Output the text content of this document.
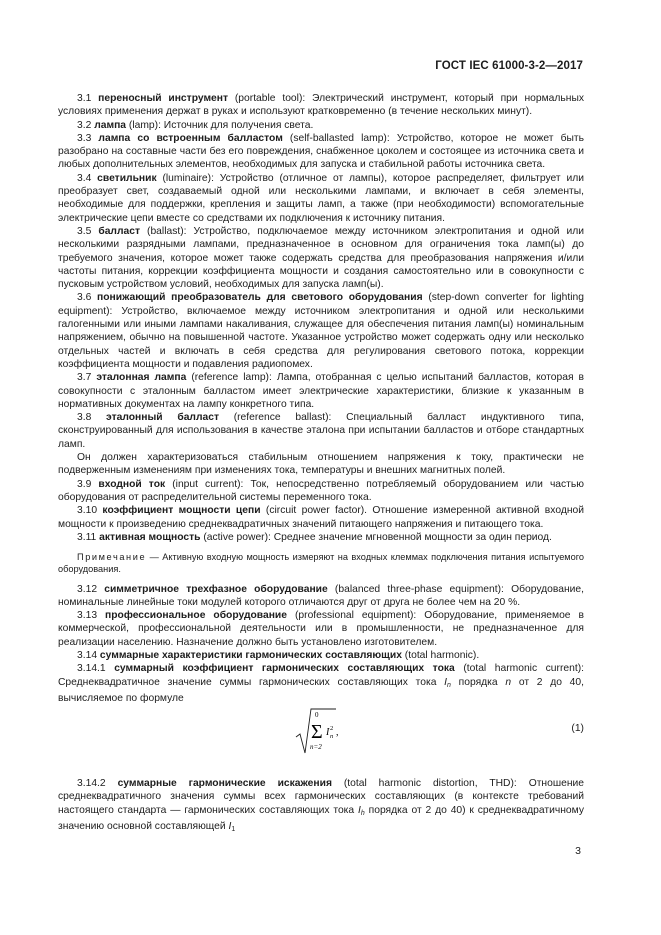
ГОСТ IEC 61000-3-2—2017

3.1 переносный инструмент (portable tool): Электрический инструмент, который при нормальных условиях применения держат в руках и используют кратковременно (в течение нескольких минут).

3.2 лампа (lamp): Источник для получения света.

3.3 лампа со встроенным балластом (self-ballasted lamp): Устройство, которое не может быть разобрано на составные части без его повреждения, снабженное цоколем и состоящее из источника света и любых дополнительных элементов, необходимых для запуска и стабильной работы источника света.

3.4 светильник (luminaire): Устройство (отличное от лампы), которое распределяет, фильтрует или преобразует свет, создаваемый одной или несколькими лампами, и включает в себя элементы, необходимые для поддержки, крепления и защиты ламп, а также (при необходимости) вспомогательные электрические цепи вместе со средствами их подключения к источнику питания.

3.5 балласт (ballast): Устройство, подключаемое между источником электропитания и одной или несколькими разрядными лампами, предназначенное в основном для ограничения тока ламп(ы) до требуемого значения, которое может также содержать средства для преобразования напряжения и/или частоты питания, коррекции коэффициента мощности и создания самостоятельно или в совокупности с пусковым устройством условий, необходимых для запуска ламп(ы).

3.6 понижающий преобразователь для светового оборудования (step-down converter for lighting equipment): Устройство, включаемое между источником электропитания и одной или несколькими галогенными или иными лампами накаливания, служащее для обеспечения питания ламп(ы) номинальным напряжением, обычно на повышенной частоте. Указанное устройство может содержать одну или несколько отдельных частей и включать в себя средства для регулирования светового потока, коррекции коэффициента мощности и подавления радиопомех.

3.7 эталонная лампа (reference lamp): Лампа, отобранная с целью испытаний балластов, которая в совокупности с эталонным балластом имеет электрические характеристики, близкие к указанным в нормативных документах на лампу конкретного типа.

3.8 эталонный балласт (reference ballast): Специальный балласт индуктивного типа, сконструированный для использования в качестве эталона при испытании балластов и отборе стандартных ламп.

Он должен характеризоваться стабильным отношением напряжения к току, практически не подверженным изменениям при изменениях тока, температуры и внешних магнитных полей.

3.9 входной ток (input current): Ток, непосредственно потребляемый оборудованием или частью оборудования от распределительной системы переменного тока.

3.10 коэффициент мощности цепи (circuit power factor). Отношение измеренной активной входной мощности к произведению среднеквадратичных значений питающего напряжения и питающего тока.

3.11 активная мощность (active power): Среднее значение мгновенной мощности за один период.

Примечание — Активную входную мощность измеряют на входных клеммах подключения питания испытуемого оборудования.

3.12 симметричное трехфазное оборудование (balanced three-phase equipment): Оборудование, номинальные линейные токи модулей которого отличаются друг от друга не более чем на 20 %.

3.13 профессиональное оборудование (professional equipment): Оборудование, применяемое в коммерческой, профессиональной деятельности или в промышленности, не предназначенное для реализации населению. Назначение должно быть установлено изготовителем.

3.14 суммарные характеристики гармонических составляющих (total harmonic).

3.14.1 суммарный коэффициент гармонических составляющих тока (total harmonic current): Среднеквадратичное значение суммы гармонических составляющих тока $I_n$ порядка n от 2 до 40, вычисляемое по формуле

0
Σ
n=2
I 2
n ,	(1)

3.14.2 суммарные гармонические искажения (total harmonic distortion, THD): Отношение среднеквадратичного значения суммы всех гармонических составляющих (в контексте требований настоящего стандарта — гармонических составляющих тока $I_h$ порядка от 2 до 40) к среднеквадратичному значению основной составляющей $I_1$

3
